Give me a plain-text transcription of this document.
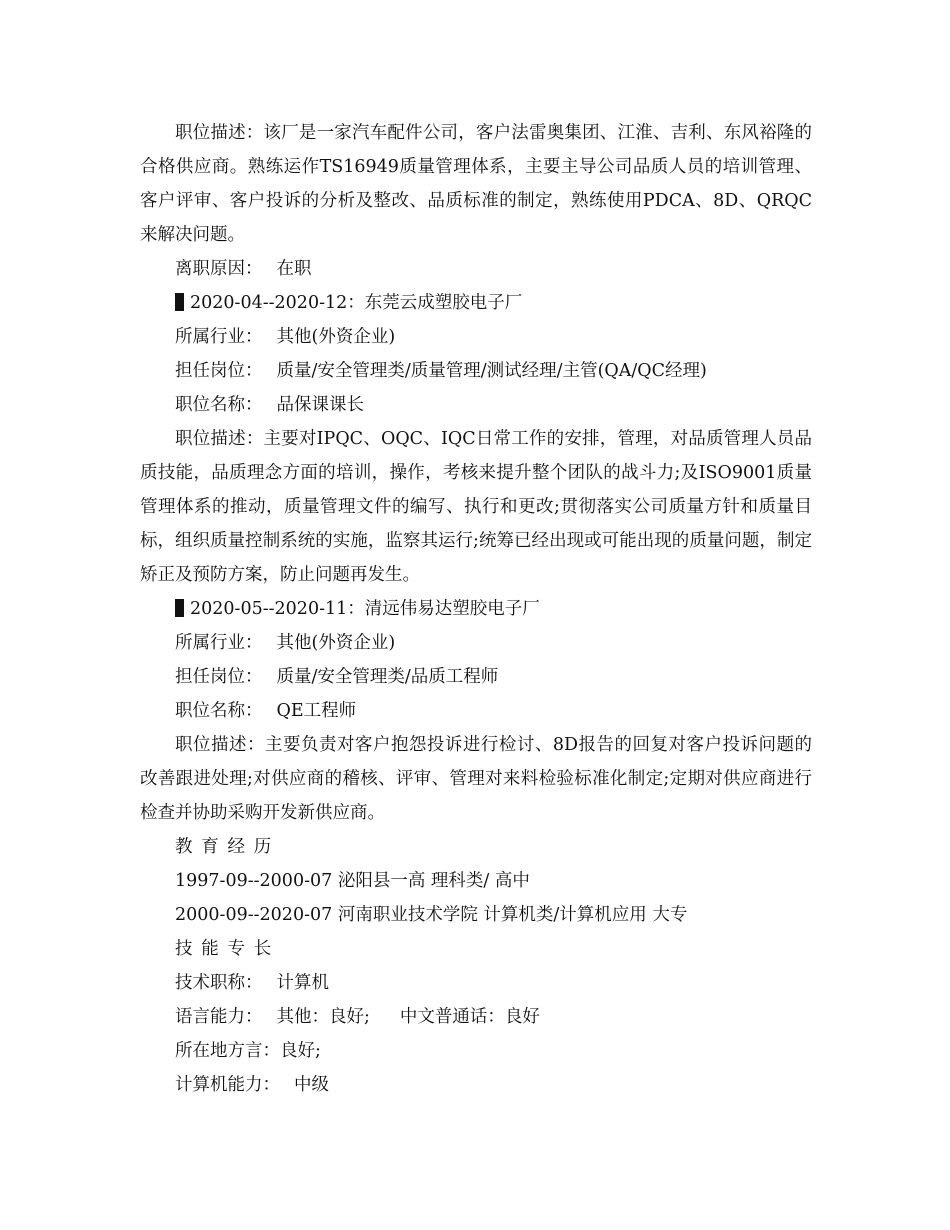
职位描述：该厂是一家汽车配件公司，客户法雷奥集团、江淮、吉利、东风裕隆的合格供应商。熟练运作TS16949质量管理体系，主要主导公司品质人员的培训管理、客户评审、客户投诉的分析及整改、品质标准的制定，熟练使用PDCA、8D、QRQC来解决问题。

离职原因： 在职

2020-04--2020-12：东莞云成塑胶电子厂

所属行业： 其他(外资企业)

担任岗位： 质量/安全管理类/质量管理/测试经理/主管(QA/QC经理)

职位名称： 品保课课长

职位描述：主要对IPQC、OQC、IQC日常工作的安排，管理，对品质管理人员品质技能，品质理念方面的培训，操作，考核来提升整个团队的战斗力;及ISO9001质量管理体系的推动，质量管理文件的编写、执行和更改;贯彻落实公司质量方针和质量目标，组织质量控制系统的实施，监察其运行;统筹已经出现或可能出现的质量问题，制定矫正及预防方案，防止问题再发生。

2020-05--2020-11：清远伟易达塑胶电子厂

所属行业： 其他(外资企业)

担任岗位： 质量/安全管理类/品质工程师

职位名称： QE工程师

职位描述：主要负责对客户抱怨投诉进行检讨、8D报告的回复对客户投诉问题的改善跟进处理;对供应商的稽核、评审、管理对来料检验标准化制定;定期对供应商进行检查并协助采购开发新供应商。

教育经历

1997-09--2000-07 泌阳县一高 理科类/ 高中

2000-09--2020-07 河南职业技术学院 计算机类/计算机应用 大专

技能专长

技术职称： 计算机

语言能力： 其他：良好; 中文普通话：良好

所在地方言：良好;

计算机能力： 中级
